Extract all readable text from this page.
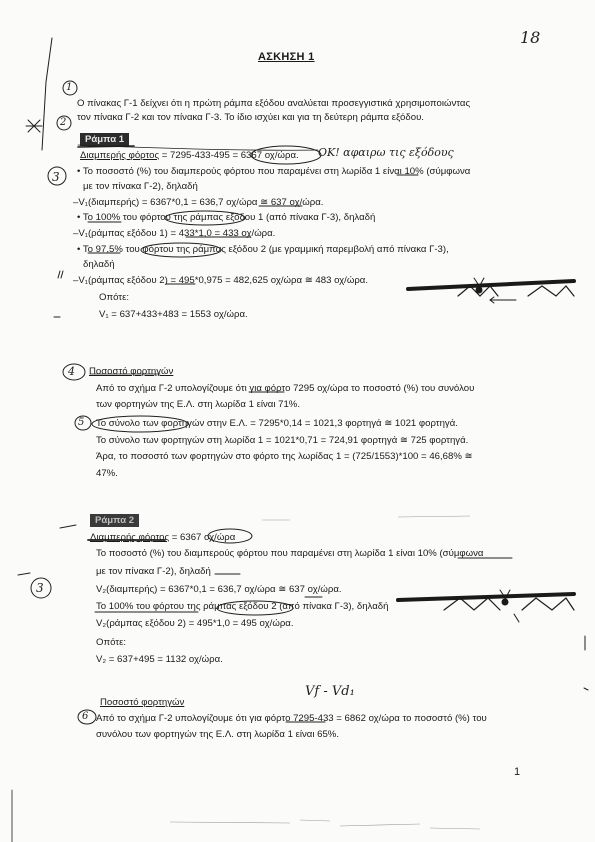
ΑΣΚΗΣΗ 1
18
Ο πίνακας Γ-1 δείχνει ότι η πρώτη ράμπα εξόδου αναλύεται προσεγγιστικά χρησιμοποιώντας
τον πίνακα Γ-2 και τον πίνακα Γ-3. Το ίδιο ισχύει και για τη δεύτερη ράμπα εξόδου.
Ράμπα 1
Διαμπερής φόρτος = 7295-433-495 = 6367 οχ/ώρα. OK! αφαιρω τις εξόδους
• Το ποσοστό (%) του διαμπερούς φόρτου που παραμένει στη λωρίδα 1 είναι 10% (σύμφωνα
με τον πίνακα Γ-2), δηλαδή
–V₁(διαμπερής) = 6367*0,1 = 636,7 οχ/ώρα ≅ 637 οχ/ώρα.
• Το 100% του φόρτου της ράμπας εξόδου 1 (από πίνακα Γ-3), δηλαδή
–V₁(ράμπας εξόδου 1) = 433*1,0 = 433 οχ/ώρα.
• Το 97,5% του φόρτου της ράμπας εξόδου 2 (με γραμμική παρεμβολή από πίνακα Γ-3),
δηλαδή
–V₁(ράμπας εξόδου 2) = 495*0,975 = 482,625 οχ/ώρα ≅ 483 οχ/ώρα.
Οπότε:
V₁ = 637+433+483 = 1553 οχ/ώρα.
Ποσοστό φορτηγών
Από το σχήμα Γ-2 υπολογίζουμε ότι για φόρτο 7295 οχ/ώρα το ποσοστό (%) του συνόλου
των φορτηγών της Ε.Λ. στη λωρίδα 1 είναι 71%.
Το σύνολο των φορτηγών στην Ε.Λ. = 7295*0,14 = 1021,3 φορτηγά ≅ 1021 φορτηγά.
Το σύνολο των φορτηγών στη λωρίδα 1 = 1021*0,71 = 724,91 φορτηγά ≅ 725 φορτηγά.
Άρα, το ποσοστό των φορτηγών στο φόρτο της λωρίδας 1 = (725/1553)*100 = 46,68% ≅
47%.
Ράμπα 2
Διαμπερής φόρτος = 6367 οχ/ώρα
Το ποσοστό (%) του διαμπερούς φόρτου που παραμένει στη λωρίδα 1 είναι 10% (σύμφωνα
με τον πίνακα Γ-2), δηλαδή
V₂(διαμπερής) = 6367*0,1 = 636,7 οχ/ώρα ≅ 637 οχ/ώρα.
Το 100% του φόρτου της ράμπας εξόδου 2 (από πίνακα Γ-3), δηλαδή
V₂(ράμπας εξόδου 2) = 495*1,0 = 495 οχ/ώρα.
Οπότε:
V₂ = 637+495 = 1132 οχ/ώρα.
Vf - Vd₁
Ποσοστό φορτηγών
Από το σχήμα Γ-2 υπολογίζουμε ότι για φόρτο 7295-433 = 6862 οχ/ώρα το ποσοστό (%) του
συνόλου των φορτηγών της Ε.Λ. στη λωρίδα 1 είναι 65%.
1
2
3
4
5
3
6
1
